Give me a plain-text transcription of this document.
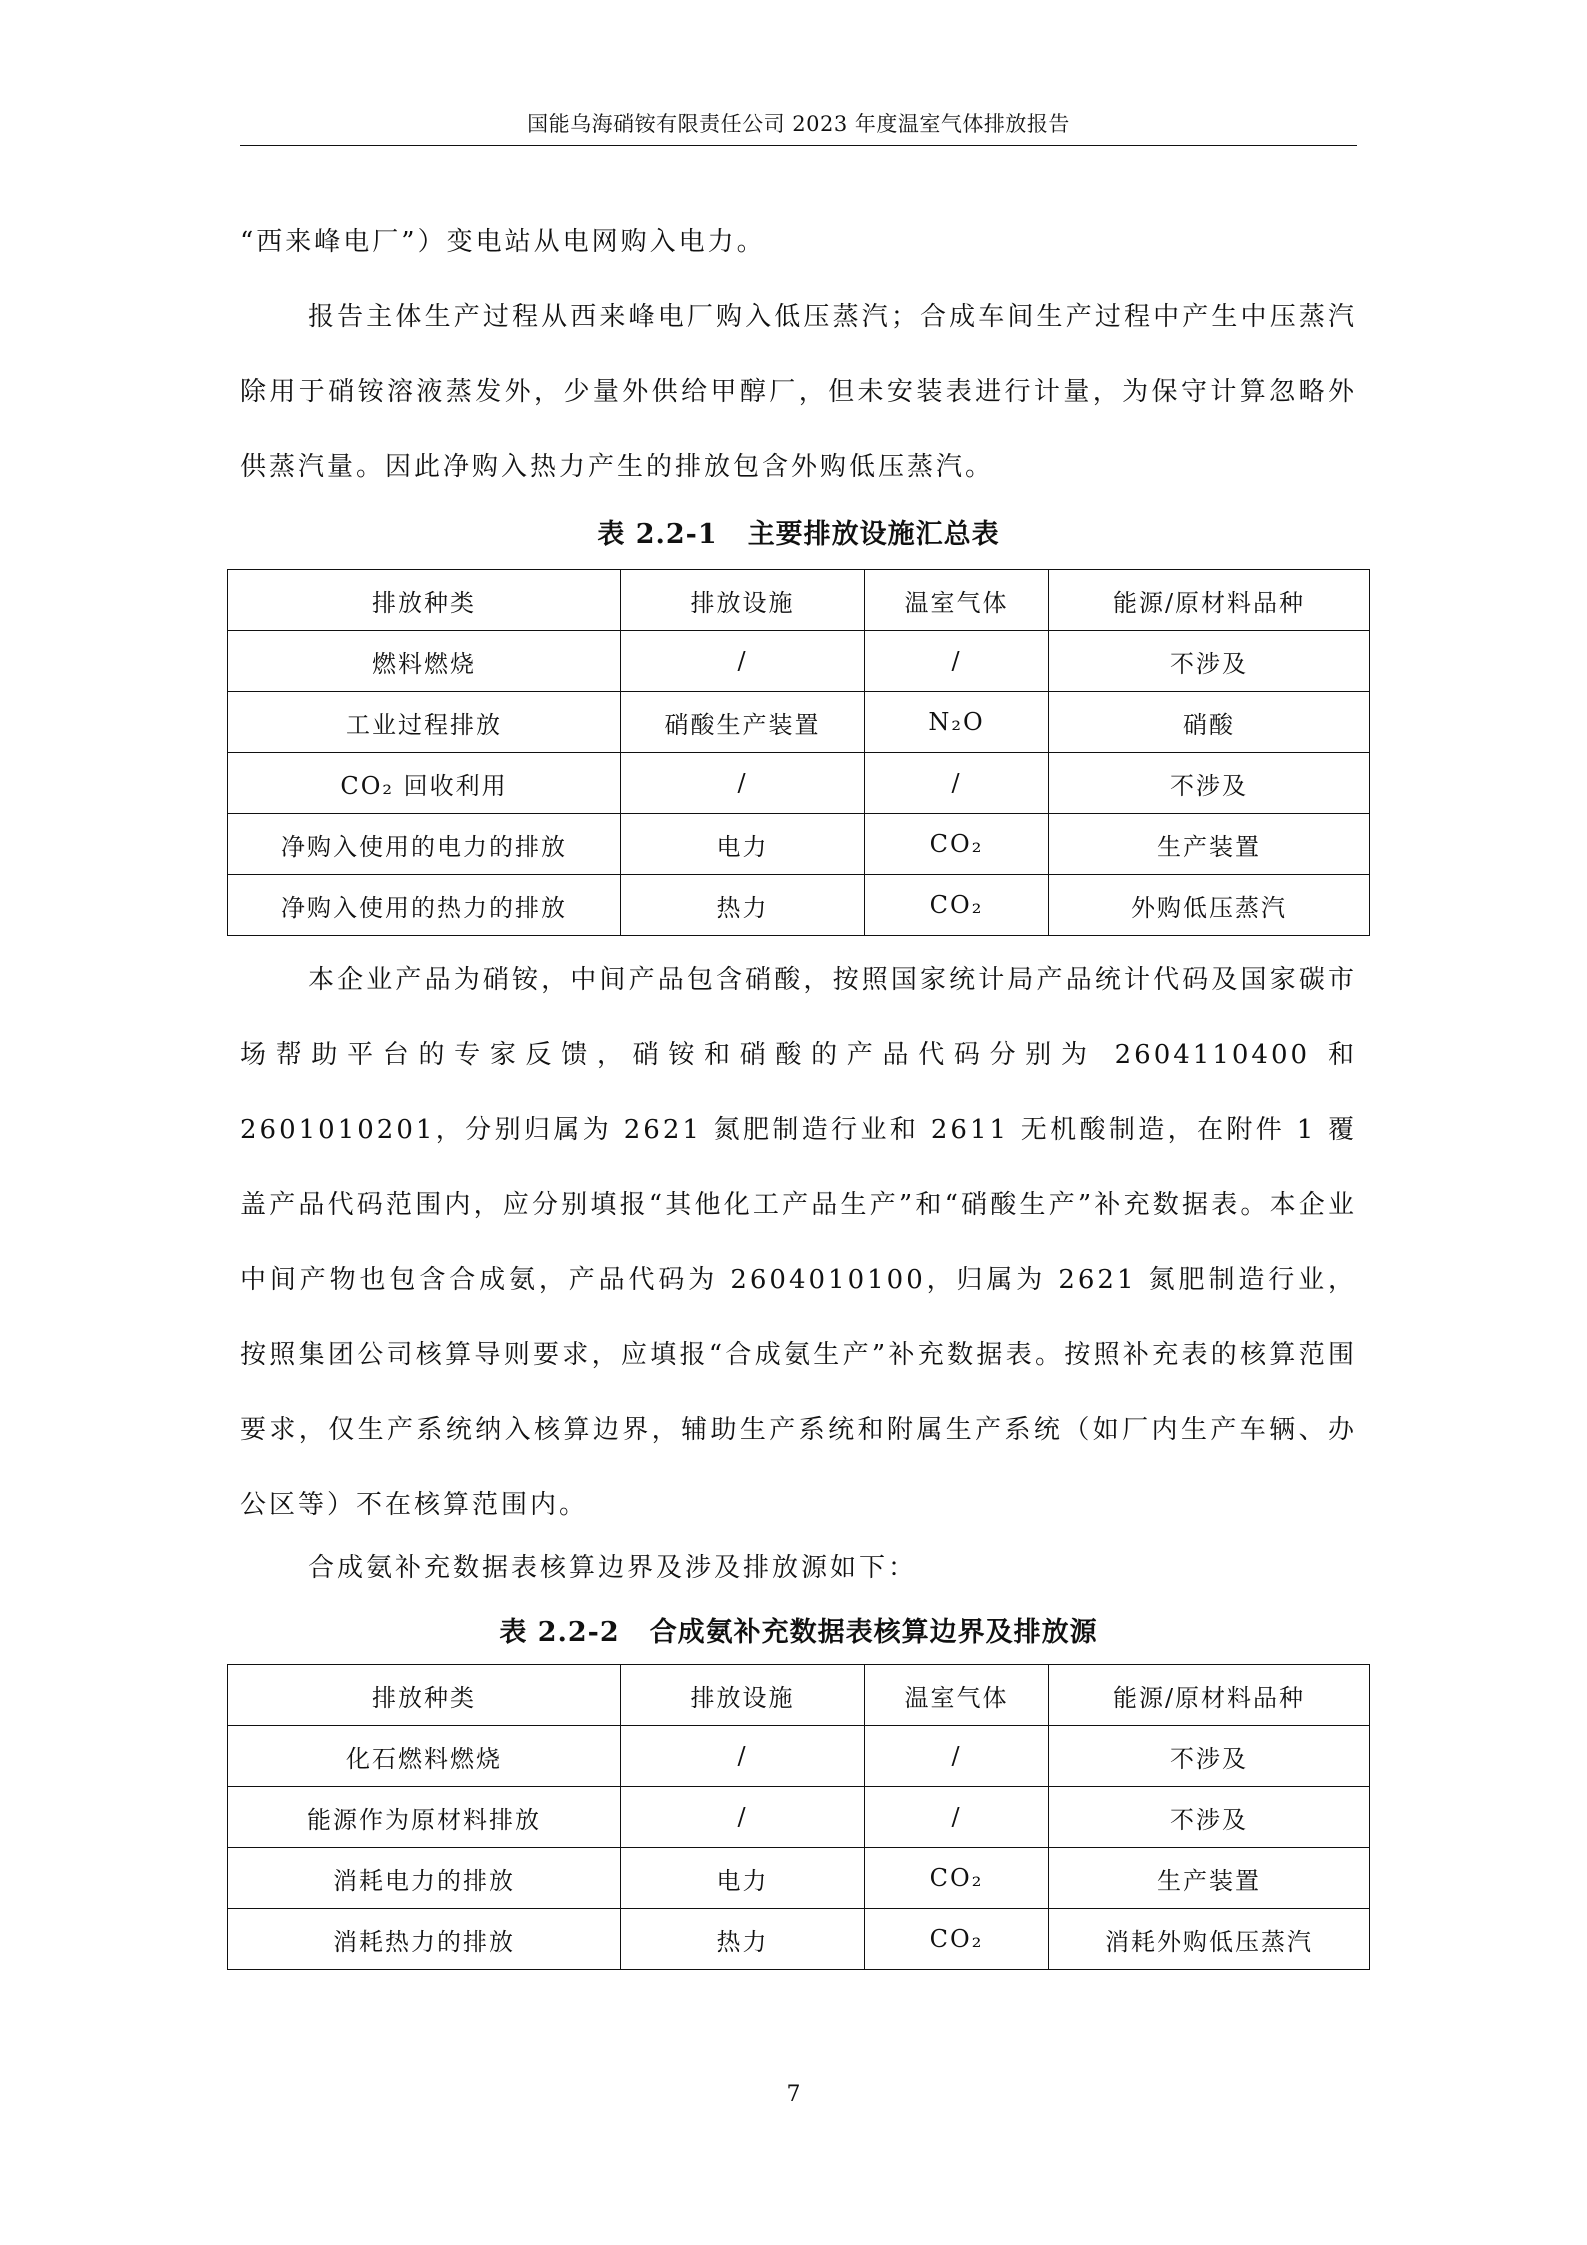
国能乌海硝铵有限责任公司 2023 年度温室气体排放报告

“西来峰电厂”）变电站从电网购入电力。

报告主体生产过程从西来峰电厂购入低压蒸汽；合成车间生产过程中产生中压蒸汽除用于硝铵溶液蒸发外，少量外供给甲醇厂，但未安装表进行计量，为保守计算忽略外供蒸汽量。因此净购入热力产生的排放包含外购低压蒸汽。

表 2.2-1 主要排放设施汇总表
排放种类	排放设施	温室气体	能源/原材料品种
燃料燃烧	/	/	不涉及
工业过程排放	硝酸生产装置	N₂O	硝酸
CO₂ 回收利用	/	/	不涉及
净购入使用的电力的排放	电力	CO₂	生产装置
净购入使用的热力的排放	热力	CO₂	外购低压蒸汽

本企业产品为硝铵，中间产品包含硝酸，按照国家统计局产品统计代码及国家碳市场帮助平台的专家反馈，硝铵和硝酸的产品代码分别为 2604110400 和 2601010201，分别归属为 2621 氮肥制造行业和 2611 无机酸制造，在附件 1 覆盖产品代码范围内，应分别填报“其他化工产品生产”和“硝酸生产”补充数据表。本企业中间产物也包含合成氨，产品代码为 2604010100，归属为 2621 氮肥制造行业，按照集团公司核算导则要求，应填报“合成氨生产”补充数据表。按照补充表的核算范围要求，仅生产系统纳入核算边界，辅助生产系统和附属生产系统（如厂内生产车辆、办公区等）不在核算范围内。

合成氨补充数据表核算边界及涉及排放源如下：

表 2.2-2 合成氨补充数据表核算边界及排放源
排放种类	排放设施	温室气体	能源/原材料品种
化石燃料燃烧	/	/	不涉及
能源作为原材料排放	/	/	不涉及
消耗电力的排放	电力	CO₂	生产装置
消耗热力的排放	热力	CO₂	消耗外购低压蒸汽
7
